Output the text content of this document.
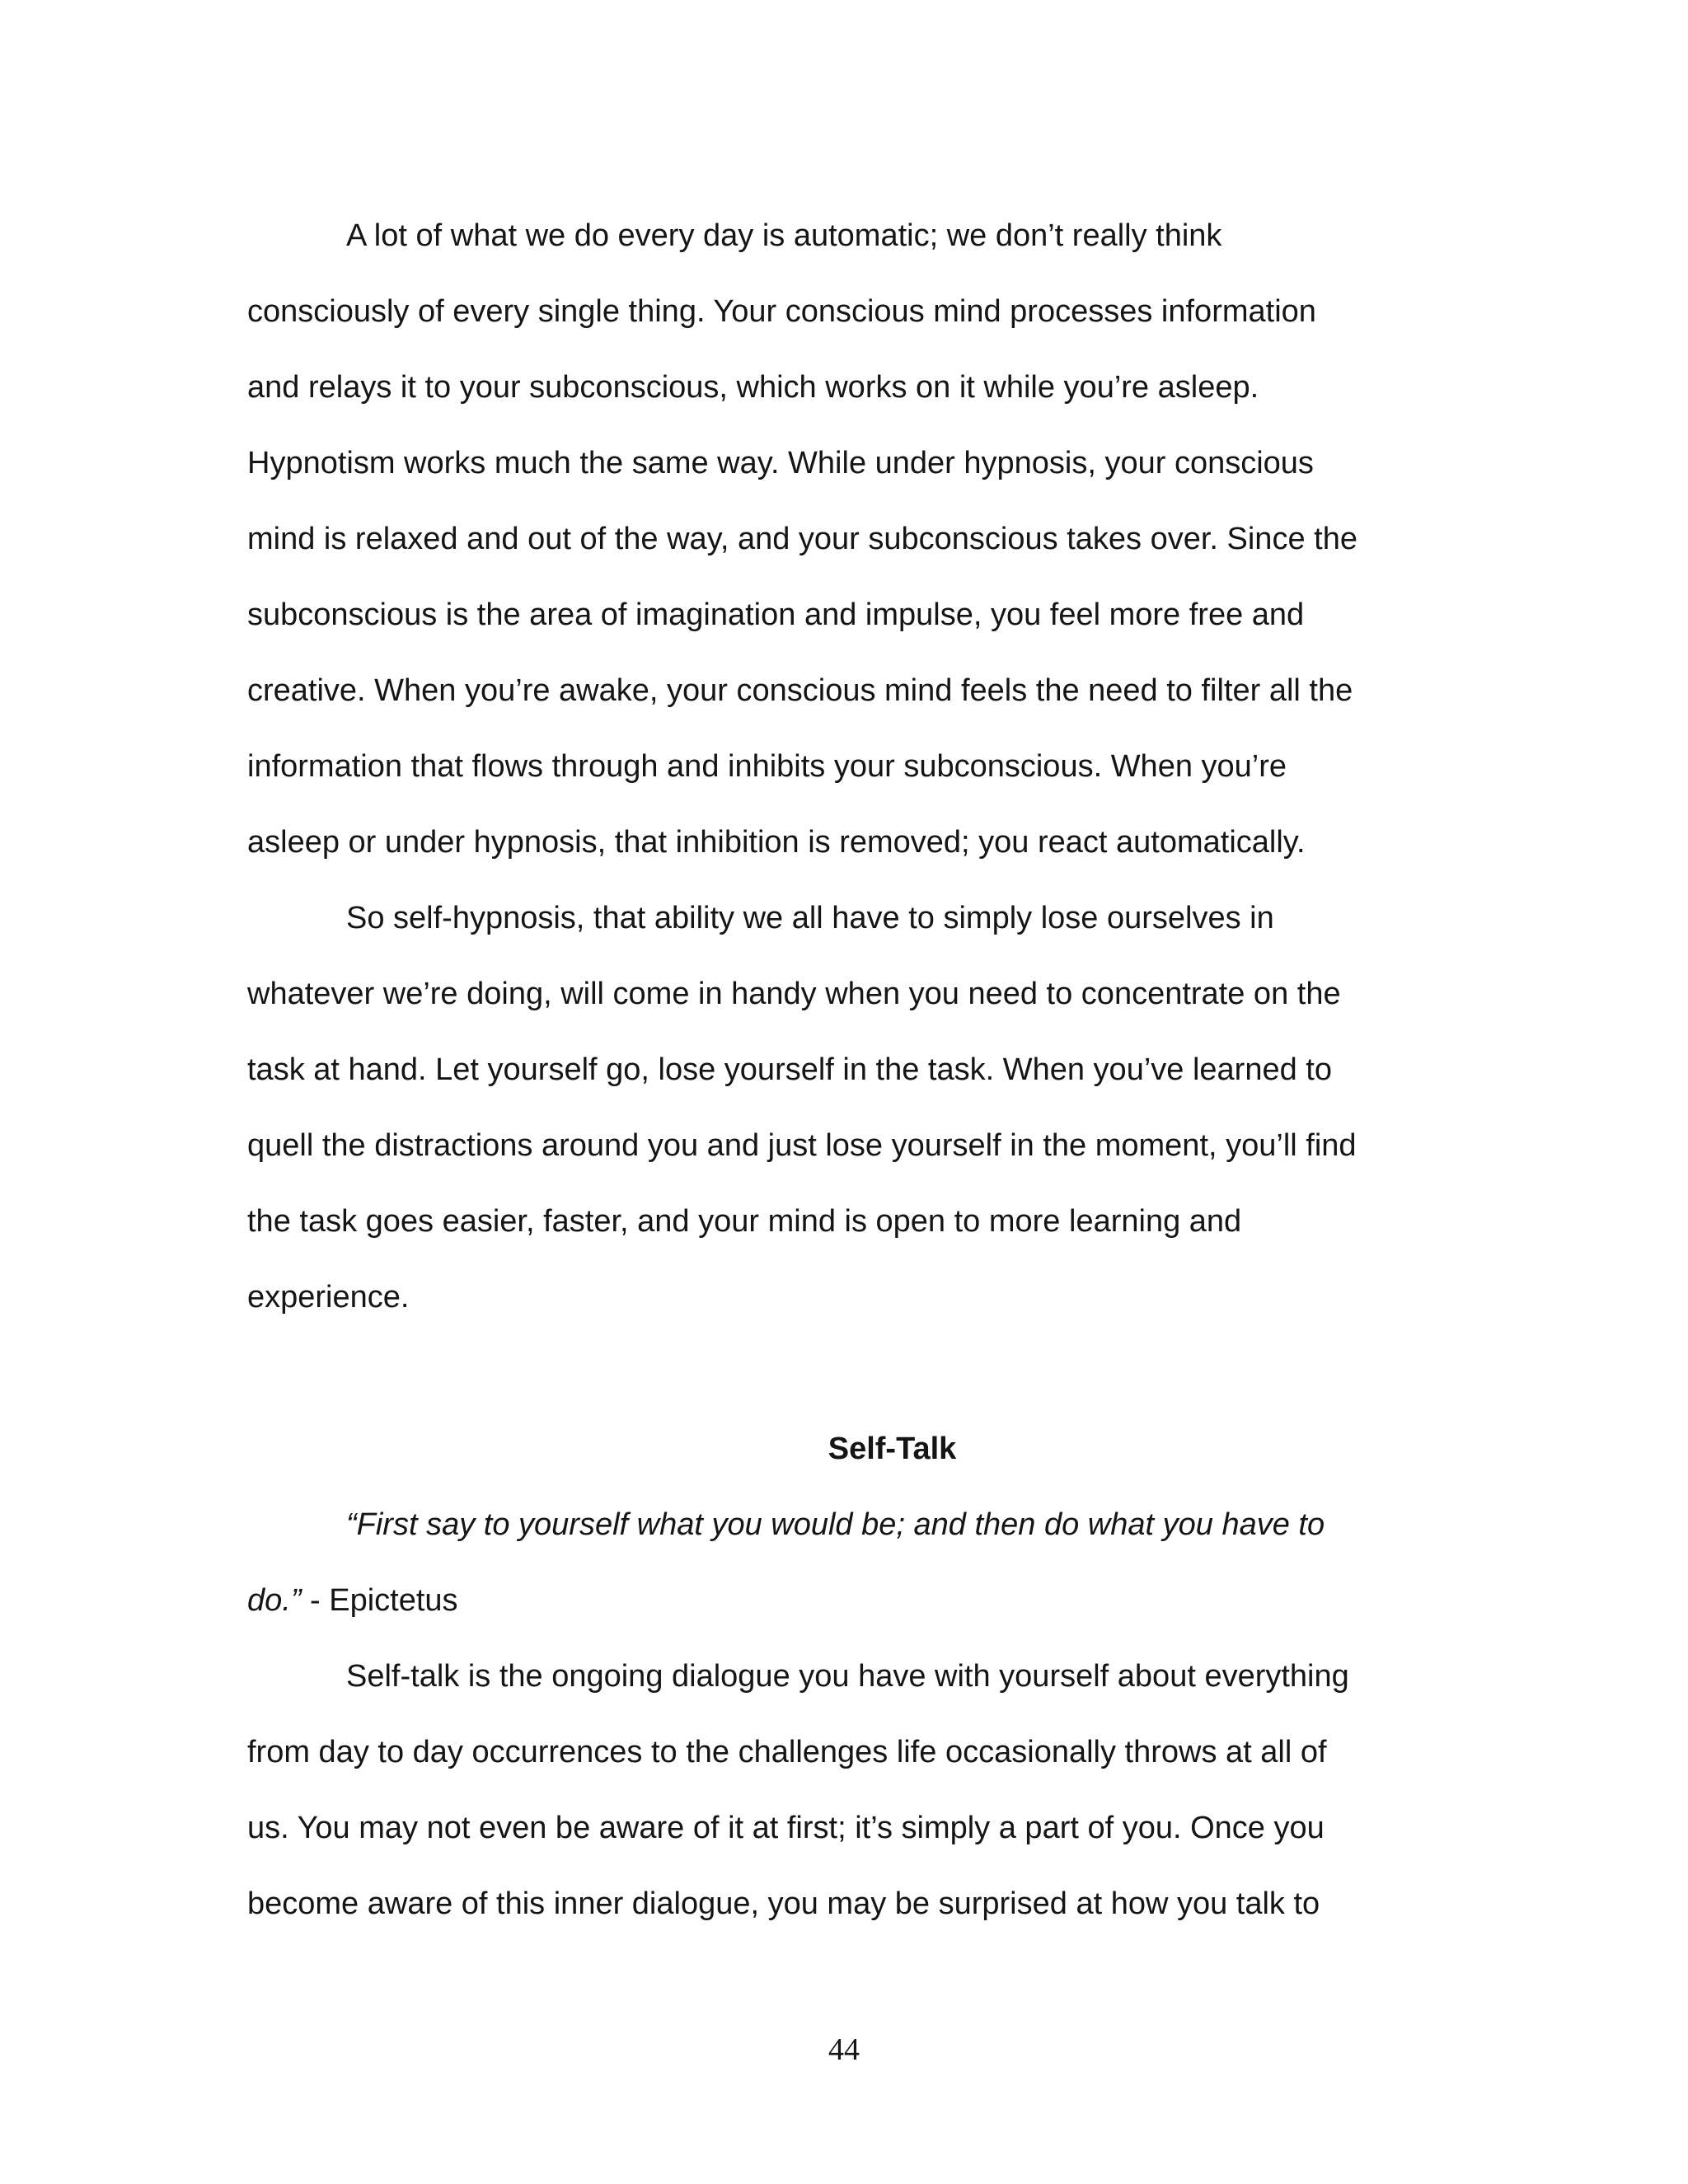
A lot of what we do every day is automatic; we don’t really think
consciously of every single thing. Your conscious mind processes information
and relays it to your subconscious, which works on it while you’re asleep.
Hypnotism works much the same way. While under hypnosis, your conscious
mind is relaxed and out of the way, and your subconscious takes over. Since the
subconscious is the area of imagination and impulse, you feel more free and
creative. When you’re awake, your conscious mind feels the need to filter all the
information that flows through and inhibits your subconscious. When you’re
asleep or under hypnosis, that inhibition is removed; you react automatically.

So self-hypnosis, that ability we all have to simply lose ourselves in
whatever we’re doing, will come in handy when you need to concentrate on the
task at hand. Let yourself go, lose yourself in the task. When you’ve learned to
quell the distractions around you and just lose yourself in the moment, you’ll find
the task goes easier, faster, and your mind is open to more learning and
experience.

Self-Talk

“First say to yourself what you would be; and then do what you have to
do.” - Epictetus

Self-talk is the ongoing dialogue you have with yourself about everything
from day to day occurrences to the challenges life occasionally throws at all of
us. You may not even be aware of it at first; it’s simply a part of you. Once you
become aware of this inner dialogue, you may be surprised at how you talk to

44
